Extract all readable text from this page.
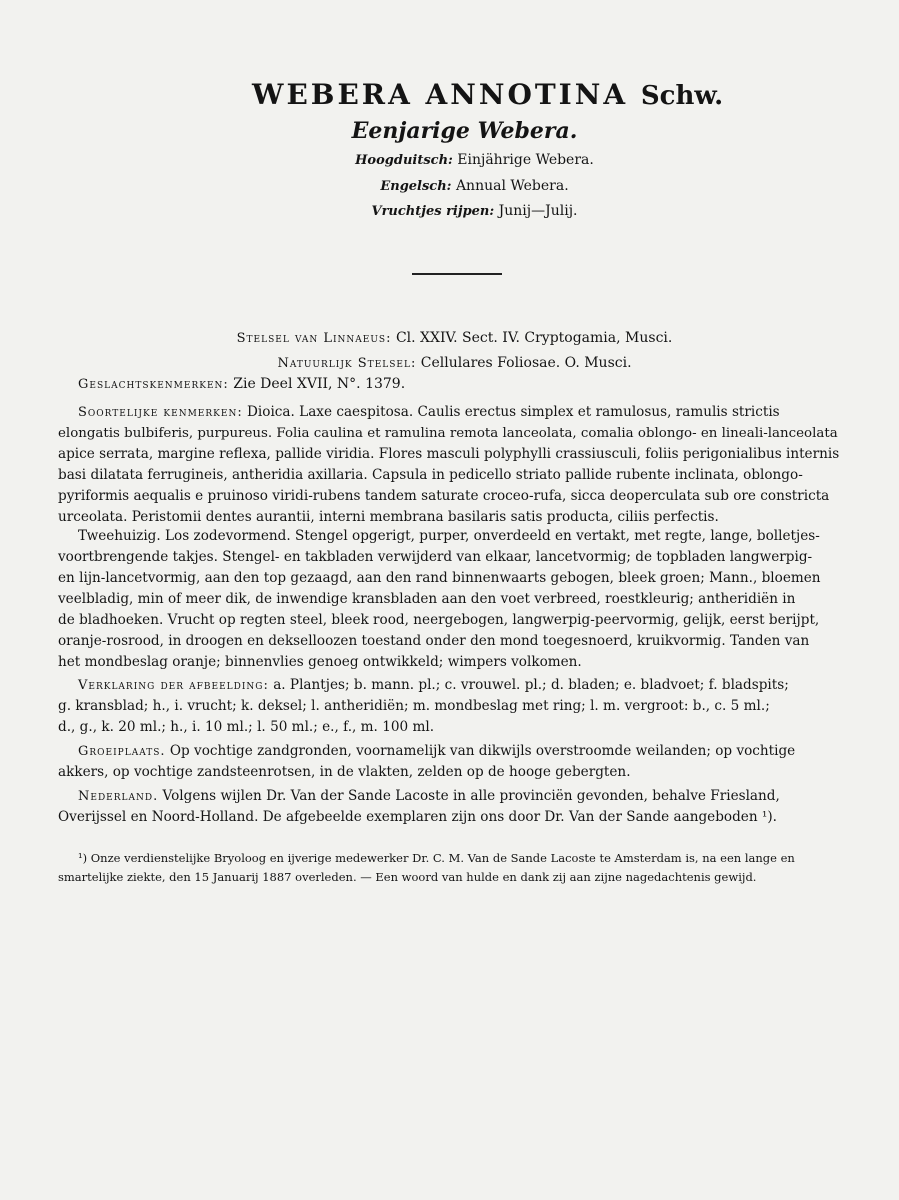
WEBERA ANNOTINA Schw.
Eenjarige Webera.
Hoogduitsch: Einjährige Webera.
Engelsch: Annual Webera.
Vruchtjes rijpen: Junij—Julij.
Stelsel van Linnaeus: Cl. XXIV. Sect. IV. Cryptogamia, Musci.
Natuurlijk Stelsel: Cellulares Foliosae. O. Musci.
Geslachtskenmerken: Zie Deel XVII, N°. 1379.
Soortelijke kenmerken: Dioica. Laxe caespitosa. Caulis erectus simplex et ramulosus, ramulis strictis
elongatis bulbiferis, purpureus. Folia caulina et ramulina remota lanceolata, comalia oblongo- en lineali-lanceolata
apice serrata, margine reflexa, pallide viridia. Flores masculi polyphylli crassiusculi, foliis perigonialibus internis
basi dilatata ferrugineis, antheridia axillaria. Capsula in pedicello striato pallide rubente inclinata, oblongo-
pyriformis aequalis e pruinoso viridi-rubens tandem saturate croceo-rufa, sicca deoperculata sub ore constricta
urceolata. Peristomii dentes aurantii, interni membrana basilaris satis producta, ciliis perfectis.
Tweehuizig. Los zodevormend. Stengel opgerigt, purper, onverdeeld en vertakt, met regte, lange, bolletjes-
voortbrengende takjes. Stengel- en takbladen verwijderd van elkaar, lancetvormig; de topbladen langwerpig-
en lijn-lancetvormig, aan den top gezaagd, aan den rand binnenwaarts gebogen, bleek groen; Mann., bloemen
veelbladig, min of meer dik, de inwendige kransbladen aan den voet verbreed, roestkleurig; antheridiën in
de bladhoeken. Vrucht op regten steel, bleek rood, neergebogen, langwerpig-peervormig, gelijk, eerst berijpt,
oranje-rosrood, in droogen en dekselloozen toestand onder den mond toegesnoerd, kruikvormig. Tanden van
het mondbeslag oranje; binnenvlies genoeg ontwikkeld; wimpers volkomen.
Verklaring der afbeelding: a. Plantjes; b. mann. pl.; c. vrouwel. pl.; d. bladen; e. bladvoet; f. bladspits;
g. kransblad; h., i. vrucht; k. deksel; l. antheridiën; m. mondbeslag met ring; l. m. vergroot: b., c. 5 ml.;
d., g., k. 20 ml.; h., i. 10 ml.; l. 50 ml.; e., f., m. 100 ml.
Groeiplaats. Op vochtige zandgronden, voornamelijk van dikwijls overstroomde weilanden; op vochtige
akkers, op vochtige zandsteenrotsen, in de vlakten, zelden op de hooge gebergten.
Nederland. Volgens wijlen Dr. Van der Sande Lacoste in alle provinciën gevonden, behalve Friesland,
Overijssel en Noord-Holland. De afgebeelde exemplaren zijn ons door Dr. Van der Sande aangeboden ¹).
¹) Onze verdienstelijke Bryoloog en ijverige medewerker Dr. C. M. Van de Sande Lacoste te Amsterdam is, na een lange en
smartelijke ziekte, den 15 Januarij 1887 overleden. — Een woord van hulde en dank zij aan zijne nagedachtenis gewijd.
